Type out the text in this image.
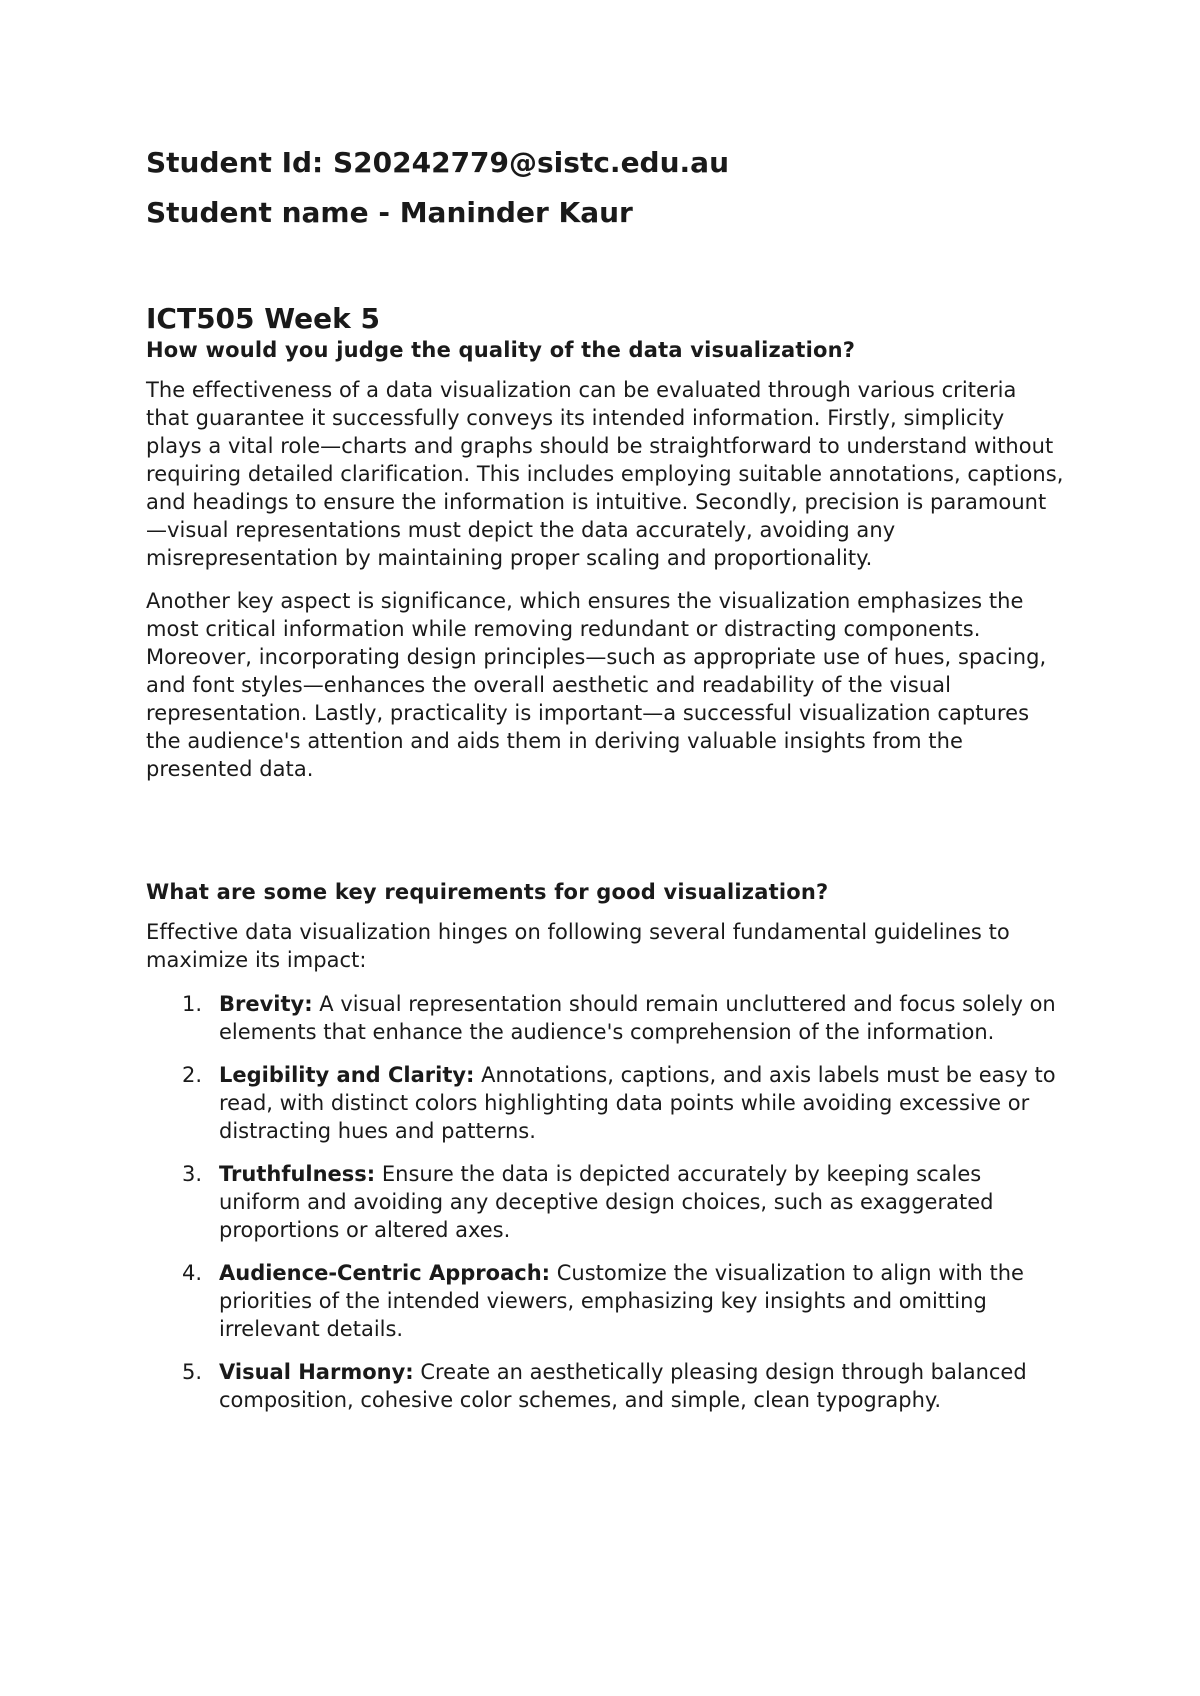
Student Id: S20242779@sistc.edu.au

Student name - Maninder Kaur

ICT505 Week 5
How would you judge the quality of the data visualization?

The effectiveness of a data visualization can be evaluated through various criteria that guarantee it successfully conveys its intended information. Firstly, simplicity plays a vital role—charts and graphs should be straightforward to understand without requiring detailed clarification. This includes employing suitable annotations, captions, and headings to ensure the information is intuitive. Secondly, precision is paramount—visual representations must depict the data accurately, avoiding any misrepresentation by maintaining proper scaling and proportionality.

Another key aspect is significance, which ensures the visualization emphasizes the most critical information while removing redundant or distracting components. Moreover, incorporating design principles—such as appropriate use of hues, spacing, and font styles—enhances the overall aesthetic and readability of the visual representation. Lastly, practicality is important—a successful visualization captures the audience's attention and aids them in deriving valuable insights from the presented data.

What are some key requirements for good visualization?

Effective data visualization hinges on following several fundamental guidelines to maximize its impact:

1. Brevity: A visual representation should remain uncluttered and focus solely on elements that enhance the audience's comprehension of the information.
2. Legibility and Clarity: Annotations, captions, and axis labels must be easy to read, with distinct colors highlighting data points while avoiding excessive or distracting hues and patterns.
3. Truthfulness: Ensure the data is depicted accurately by keeping scales uniform and avoiding any deceptive design choices, such as exaggerated proportions or altered axes.
4. Audience-Centric Approach: Customize the visualization to align with the priorities of the intended viewers, emphasizing key insights and omitting irrelevant details.
5. Visual Harmony: Create an aesthetically pleasing design through balanced composition, cohesive color schemes, and simple, clean typography.
